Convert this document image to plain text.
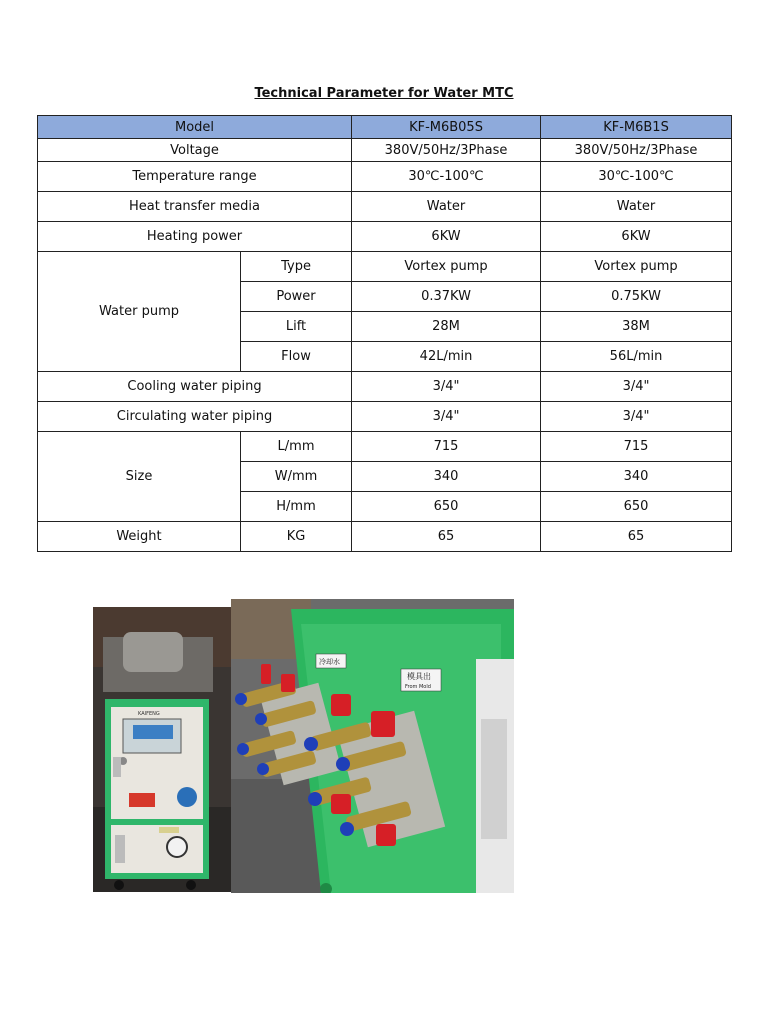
Technical Parameter for Water MTC
Model		KF-M6B05S	KF-M6B1S
Voltage		380V/50Hz/3Phase	380V/50Hz/3Phase
Temperature range		30℃-100℃	30℃-100℃
Heat transfer media		Water	Water
Heating power		6KW	6KW
Water pump	Type	Vortex pump	Vortex pump
	Power	0.37KW	0.75KW
	Lift	28M	38M
	Flow	42L/min	56L/min
Cooling water piping		3/4"	3/4"
Circulating water piping		3/4"	3/4"
Size	L/mm	715	715
	W/mm	340	340
	H/mm	650	650
Weight	KG	65	65
KAIFENG
冷却水
模具出
From Mold
